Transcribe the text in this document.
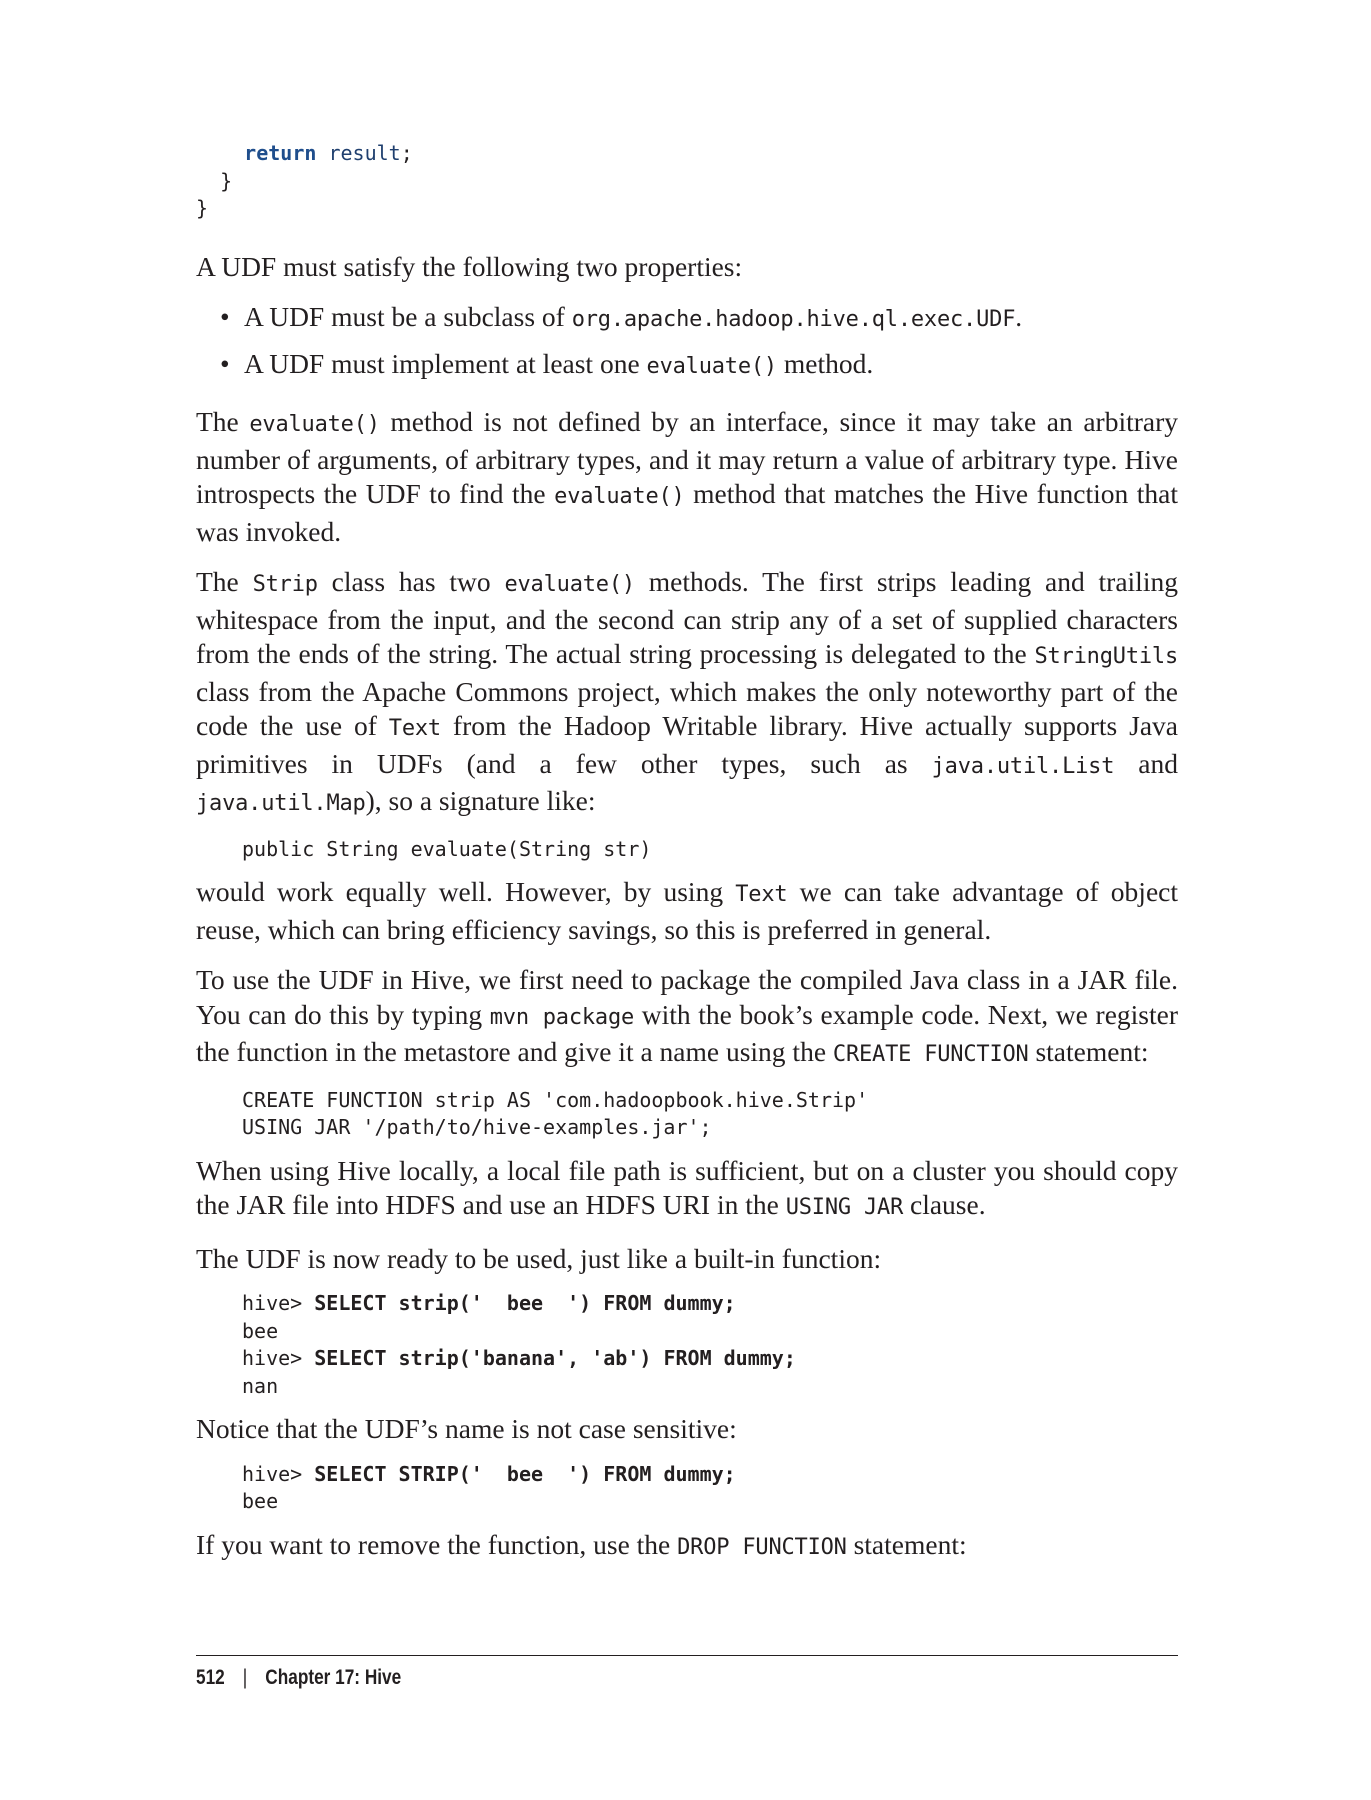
return result;
}
}

A UDF must satisfy the following two properties:

• A UDF must be a subclass of org.apache.hadoop.hive.ql.exec.UDF.
• A UDF must implement at least one evaluate() method.

The evaluate() method is not defined by an interface, since it may take an arbitrary number of arguments, of arbitrary types, and it may return a value of arbitrary type. Hive introspects the UDF to find the evaluate() method that matches the Hive function that was invoked.

The Strip class has two evaluate() methods. The first strips leading and trailing whitespace from the input, and the second can strip any of a set of supplied characters from the ends of the string. The actual string processing is delegated to the StringUtils class from the Apache Commons project, which makes the only noteworthy part of the code the use of Text from the Hadoop Writable library. Hive actually supports Java primitives in UDFs (and a few other types, such as java.util.List and java.util.Map), so a signature like:

public String evaluate(String str)

would work equally well. However, by using Text we can take advantage of object reuse, which can bring efficiency savings, so this is preferred in general.

To use the UDF in Hive, we first need to package the compiled Java class in a JAR file. You can do this by typing mvn package with the book’s example code. Next, we register the function in the metastore and give it a name using the CREATE FUNCTION statement:

CREATE FUNCTION strip AS 'com.hadoopbook.hive.Strip'
USING JAR '/path/to/hive-examples.jar';

When using Hive locally, a local file path is sufficient, but on a cluster you should copy the JAR file into HDFS and use an HDFS URI in the USING JAR clause.

The UDF is now ready to be used, just like a built-in function:

hive> SELECT strip('  bee  ') FROM dummy;
bee
hive> SELECT strip('banana', 'ab') FROM dummy;
nan

Notice that the UDF’s name is not case sensitive:

hive> SELECT STRIP('  bee  ') FROM dummy;
bee

If you want to remove the function, use the DROP FUNCTION statement:

512 | Chapter 17: Hive
